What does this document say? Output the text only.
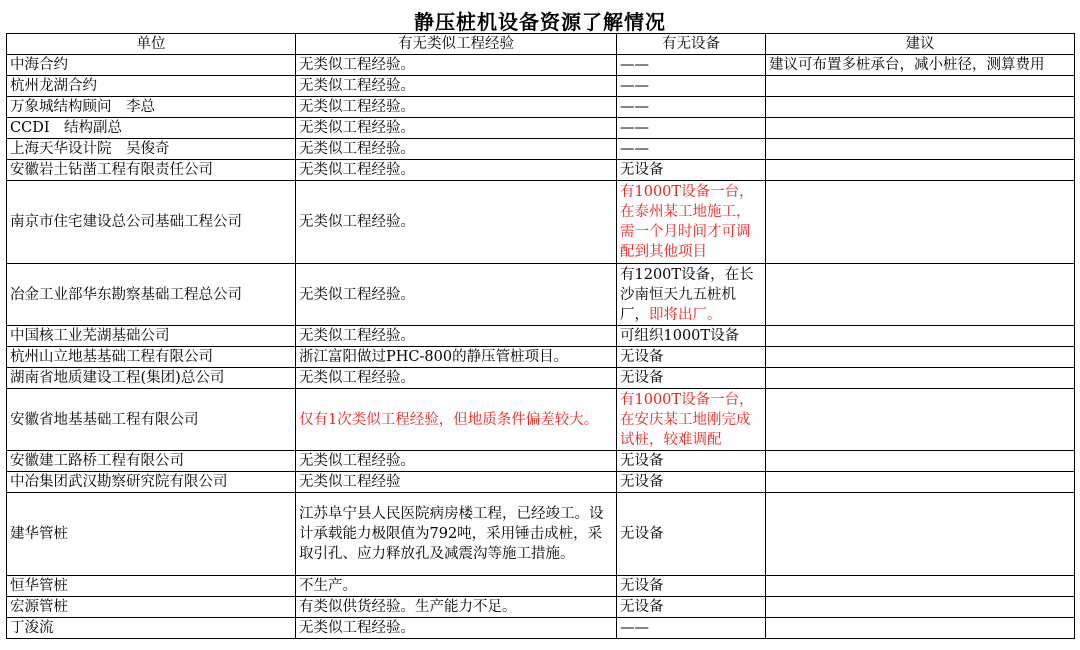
静压桩机设备资源了解情况
单位	有无类似工程经验	有无设备	建议
中海合约	无类似工程经验。	——	建议可布置多桩承台，减小桩径，测算费用
杭州龙湖合约	无类似工程经验。	——	
万象城结构顾问　李总	无类似工程经验。	——	
CCDI　结构副总	无类似工程经验。	——	
上海天华设计院　吴俊奇	无类似工程经验。	——	
安徽岩土钻凿工程有限责任公司	无类似工程经验。	无设备	
南京市住宅建设总公司基础工程公司	无类似工程经验。	有1000T设备一台，在泰州某工地施工，需一个月时间才可调配到其他项目	
冶金工业部华东勘察基础工程总公司	无类似工程经验。	有1200T设备，在长沙南恒天九五桩机厂，即将出厂。	
中国核工业芜湖基础公司	无类似工程经验。	可组织1000T设备	
杭州山立地基基础工程有限公司	浙江富阳做过PHC-800的静压管桩项目。	无设备	
湖南省地质建设工程(集团)总公司	无类似工程经验。	无设备	
安徽省地基基础工程有限公司	仅有1次类似工程经验，但地质条件偏差较大。	有1000T设备一台，在安庆某工地刚完成试桩，较难调配	
安徽建工路桥工程有限公司	无类似工程经验。	无设备	
中冶集团武汉勘察研究院有限公司	无类似工程经验	无设备	
建华管桩	江苏阜宁县人民医院病房楼工程，已经竣工。设计承载能力极限值为792吨，采用锤击成桩，采取引孔、应力释放孔及减震沟等施工措施。	无设备	
恒华管桩	不生产。	无设备	
宏源管桩	有类似供货经验。生产能力不足。	无设备	
丁浚流	无类似工程经验。	——	
